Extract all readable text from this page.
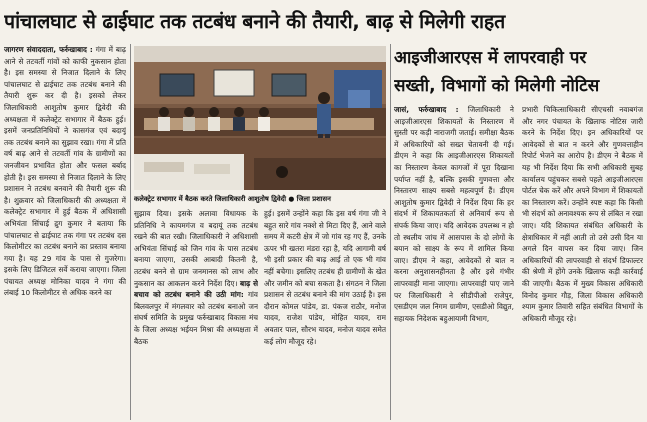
पांचालघाट से ढाईघाट तक तटबंध बनाने की तैयारी, बाढ़ से मिलेगी राहत

जागरण संवाददाता, फर्रुखाबाद : गंगा में बाढ़ आने से तटवर्ती गांवों को काफी नुकसान होता है। इस समस्या से निजात दिलाने के लिए पांचालघाट से ढाईघाट तक तटबंध बनाने की तैयारी शुरू कर दी है। इसको लेकर जिलाधिकारी आशुतोष कुमार द्विवेदी की अध्यक्षता में कलेक्ट्रेट सभागार में बैठक हुई। इसमें जनप्रतिनिधियों ने कासगंज एवं बदायूं तक तटबंध बनाने का सुझाव रखा। गंगा में प्रति वर्ष बाढ़ आने से तटवर्ती गांव के ग्रामीणों का जनजीवन प्रभावित होता और फसल बर्बाद होती है। इस समस्या से निजात दिलाने के लिए प्रशासन ने तटबंध बनवाने की तैयारी शुरू की है। शुक्रवार को जिलाधिकारी की अध्यक्षता में कलेक्ट्रेट सभागार में हुई बैठक में अधिशासी अभियंता सिंचाई द्रुग कुमार ने बताया कि पांचालघाट से ढाईघाट तक गंगा पर तटबंध दस किलोमीटर का तटबंध बनाने का प्रस्ताव बनाया गया है। यह 29 गांव के पास से गुजरेगा। इसके लिए डिजिटल सर्वे कराया जाएगा। जिला पंचायत अध्यक्ष मोनिका यादव ने गंगा की लंबाई 10 किलोमीटर से अधिक करने का

कलेक्ट्रेट सभागार में बैठक करते जिलाधिकारी आशुतोष द्विवेदी ● जिला प्रशासन

सुझाव दिया। इसके अलावा विधायक के प्रतिनिधि ने कायमगंज व बदायूं तक तटबंध रखने की बात रखी। जिलाधिकारी ने अधिशासी अभियंता सिंचाई को जिन गांव के पास तटबंध बनाया जाएगा, उसकी आबादी कितनी है, तटबंध बनने से ग्राम जनमानस को लाभ और नुकसान का आकलन करने निर्देश दिए। बाढ़ से बचाव को तटबंध बनाने की उठी मांग: गांव बिलवलपुर में मंगलवार को तटबंध बनाओ जन संघर्ष समिति के प्रमुख फर्रुखाबाद विकास मंच के जिला अध्यक्ष भईयन मिश्रा की अध्यक्षता में बैठक

हुई। इसमें उन्होंने कहा कि इस वर्ष गंगा जी ने बहुत सारे गांव नक्शे से मिटा दिए हैं, आने वाले समय में कटरी क्षेत्र में जो गांव रह गए हैं, उनके ऊपर भी खतरा मंडरा रहा है, यदि आगामी वर्ष भी इसी प्रकार की बाढ़ आई तो एक भी गांव नहीं बचेगा। इसलिए तटबंध ही ग्रामीणों के खेत और जमीन को बचा सकता है। संगठन ने जिला प्रशासन से तटबंध बनाने की मांग उठाई है। इस दौरान कोमल पांडेय, डा. पंकज राठौर, मनोज यादव, राजेश पांडेय, मोहित यादव, राम अवतार पाल, सौरभ यादव, मनोज यादव समेत कई लोग मौजूद रहे।

आइजीआरएस में लापरवाही पर
सख्ती, विभागों को मिलेगी नोटिस

जासं, फर्रुखाबाद : जिलाधिकारी ने आइजीआरएस शिकायतों के निस्तारण में सुस्ती पर कड़ी नाराजगी जताई। समीक्षा बैठक में अधिकारियों को सख्त चेतावनी दी गई। डीएम ने कहा कि आइजीआरएस शिकायतों का निस्तारण केवल कागजों में पूरा दिखाना पर्याप्त नहीं है, बल्कि इसकी गुणवत्ता और निस्तारण साक्ष्य सबसे महत्वपूर्ण हैं। डीएम आशुतोष कुमार द्विवेदी ने निर्देश दिया कि हर संदर्भ में शिकायतकर्ता से अनिवार्य रूप से संपर्क किया जाए। यदि आवेदक उपलब्ध न हो तो स्थलीय जांच में आसपास के दो लोगों के बयान को साक्ष्य के रूप में शामिल किया जाए। डीएम ने कहा, आवेदकों से बात न करना अनुशासनहीनता है और इसे गंभीर लापरवाही माना जाएगा। लापरवाही पाए जाने पर जिलाधिकारी ने सीडीपीओ राजेपुर, एसडीएम जल निगम ग्रामीण, एसडीओ विद्युत, सहायक निदेशक बहुआयामी विभाग,

प्रभारी चिकित्साधिकारी सीएचसी नवाबगंज और नगर पंचायत के खिलाफ नोटिस जारी करने के निर्देश दिए। इन अधिकारियों पर आवेदकों से बात न करने और गुणवत्ताहीन रिपोर्ट भेजने का आरोप है। डीएम ने बैठक में यह भी निर्देश दिया कि सभी अधिकारी सुबह कार्यालय पहुंचकर सबसे पहले आइजीआरएस पोर्टल चेक करें और अपने विभाग में शिकायतों का निस्तारण करें। उन्होंने स्पष्ट कहा कि किसी भी संदर्भ को अनावश्यक रूप से लंबित न रखा जाए। यदि शिकायत संबंधित अधिकारी के क्षेत्राधिकार में नहीं आती तो उसे उसी दिन या अगले दिन वापस कर दिया जाए। जिन अधिकारियों की लापरवाही से संदर्भ डिफाल्टर की श्रेणी में होंगे उनके खिलाफ कड़ी कार्रवाई की जाएगी। बैठक में मुख्य विकास अधिकारी विनोद कुमार गौड़, जिला विकास अधिकारी श्याम कुमार तिवारी सहित संबंधित विभागों के अधिकारी मौजूद रहे।
